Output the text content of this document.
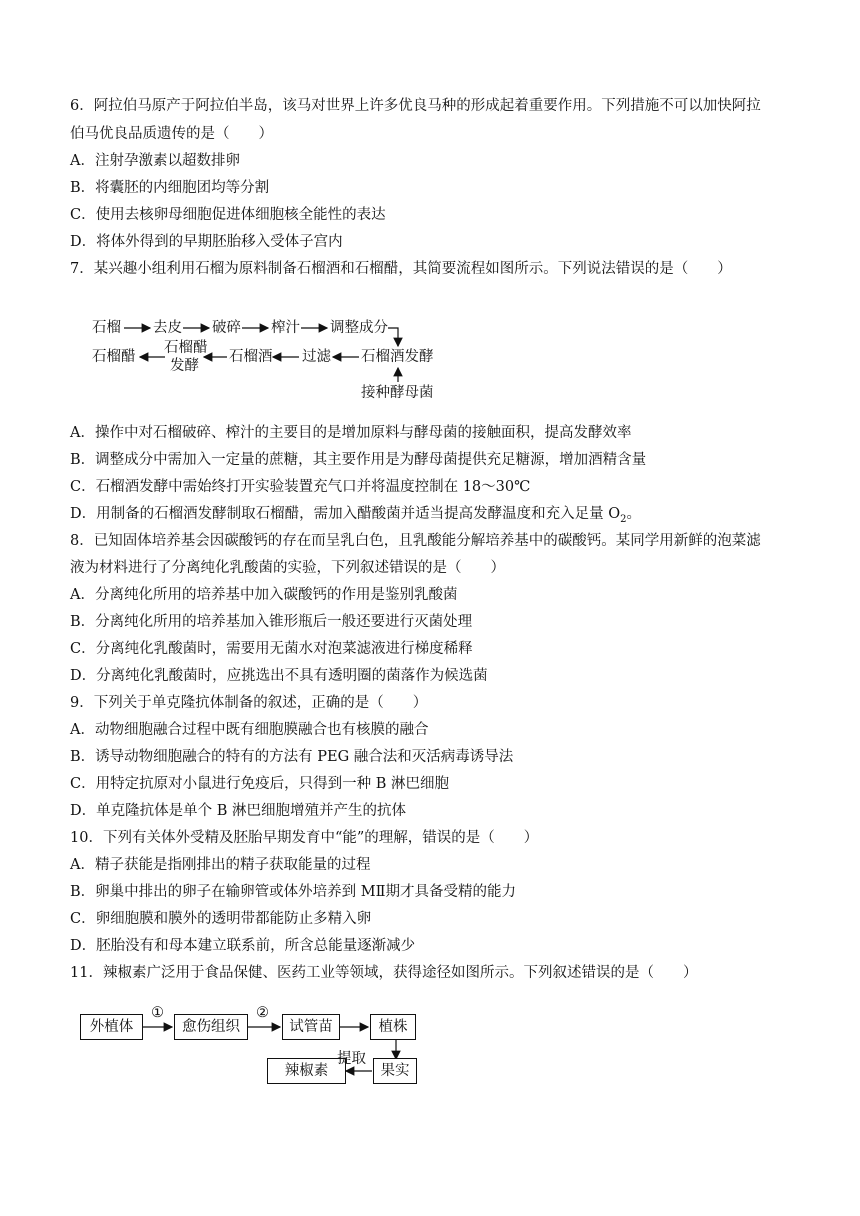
6．阿拉伯马原产于阿拉伯半岛，该马对世界上许多优良马种的形成起着重要作用。下列措施不可以加快阿拉
伯马优良品质遗传的是（　　）
A．注射孕激素以超数排卵
B．将囊胚的内细胞团均等分割
C．使用去核卵母细胞促进体细胞核全能性的表达
D．将体外得到的早期胚胎移入受体子宫内
7．某兴趣小组利用石榴为原料制备石榴酒和石榴醋，其简要流程如图所示。下列说法错误的是（　　）
石榴 去皮 破碎 榨汁 调整成分
石榴酒发酵
过滤
石榴酒
石榴醋
发酵
石榴醋
接种酵母菌
A．操作中对石榴破碎、榨汁的主要目的是增加原料与酵母菌的接触面积，提高发酵效率
B．调整成分中需加入一定量的蔗糖，其主要作用是为酵母菌提供充足糖源，增加酒精含量
C．石榴酒发酵中需始终打开实验装置充气口并将温度控制在 18～30℃
D．用制备的石榴酒发酵制取石榴醋，需加入醋酸菌并适当提高发酵温度和充入足量 $O_2$。
8．已知固体培养基会因碳酸钙的存在而呈乳白色，且乳酸能分解培养基中的碳酸钙。某同学用新鲜的泡菜滤
液为材料进行了分离纯化乳酸菌的实验，下列叙述错误的是（　　）
A．分离纯化所用的培养基中加入碳酸钙的作用是鉴别乳酸菌
B．分离纯化所用的培养基加入锥形瓶后一般还要进行灭菌处理
C．分离纯化乳酸菌时，需要用无菌水对泡菜滤液进行梯度稀释
D．分离纯化乳酸菌时，应挑选出不具有透明圈的菌落作为候选菌
9．下列关于单克隆抗体制备的叙述，正确的是（　　）
A．动物细胞融合过程中既有细胞膜融合也有核膜的融合
B．诱导动物细胞融合的特有的方法有 PEG 融合法和灭活病毒诱导法
C．用特定抗原对小鼠进行免疫后，只得到一种 B 淋巴细胞
D．单克隆抗体是单个 B 淋巴细胞增殖并产生的抗体
10．下列有关体外受精及胚胎早期发育中“能”的理解，错误的是（　　）
A．精子获能是指刚排出的精子获取能量的过程
B．卵巢中排出的卵子在输卵管或体外培养到 MⅡ期才具备受精的能力
C．卵细胞膜和膜外的透明带都能防止多精入卵
D．胚胎没有和母本建立联系前，所含总能量逐渐减少
11．辣椒素广泛用于食品保健、医药工业等领域，获得途径如图所示。下列叙述错误的是（　　）
外植体	愈伤组织	试管苗	植株
果实
辣椒素
①	②
提取
